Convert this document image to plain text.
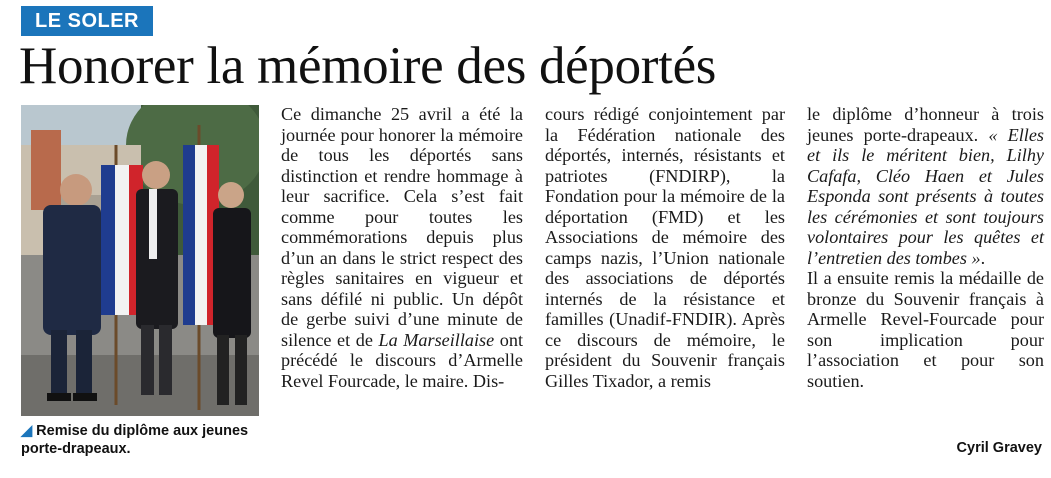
LE SOLER
Honorer la mémoire des déportés
◢ Remise du diplôme aux jeunes porte-drapeaux.

Ce dimanche 25 avril a été la journée pour honorer la mémoire de tous les déportés sans distinction et rendre hommage à leur sacrifice. Cela s’est fait comme pour toutes les commémorations depuis plus d’un an dans le strict respect des règles sanitaires en vigueur et sans défilé ni public. Un dépôt de gerbe suivi d’une minute de silence et de La Marseillaise ont précédé le discours d’Armelle Revel Fourcade, le maire. Dis-

cours rédigé conjointement par la Fédération nationale des déportés, internés, résistants et patriotes (FNDIRP), la Fondation pour la mémoire de la déportation (FMD) et les Associations de mémoire des camps nazis, l’Union nationale des associations de déportés internés de la résistance et familles (Unadif-FNDIR). Après ce discours de mémoire, le président du Souvenir français Gilles Tixador, a remis

le diplôme d’honneur à trois jeunes porte-drapeaux. « Elles et ils le méritent bien, Lilhy Cafafa, Cléo Haen et Jules Esponda sont présents à toutes les cérémonies et sont toujours volontaires pour les quêtes et l’entretien des tombes ».

Il a ensuite remis la médaille de bronze du Souvenir français à Armelle Revel-Fourcade pour son implication pour l’association et pour son soutien.

Cyril Gravey
